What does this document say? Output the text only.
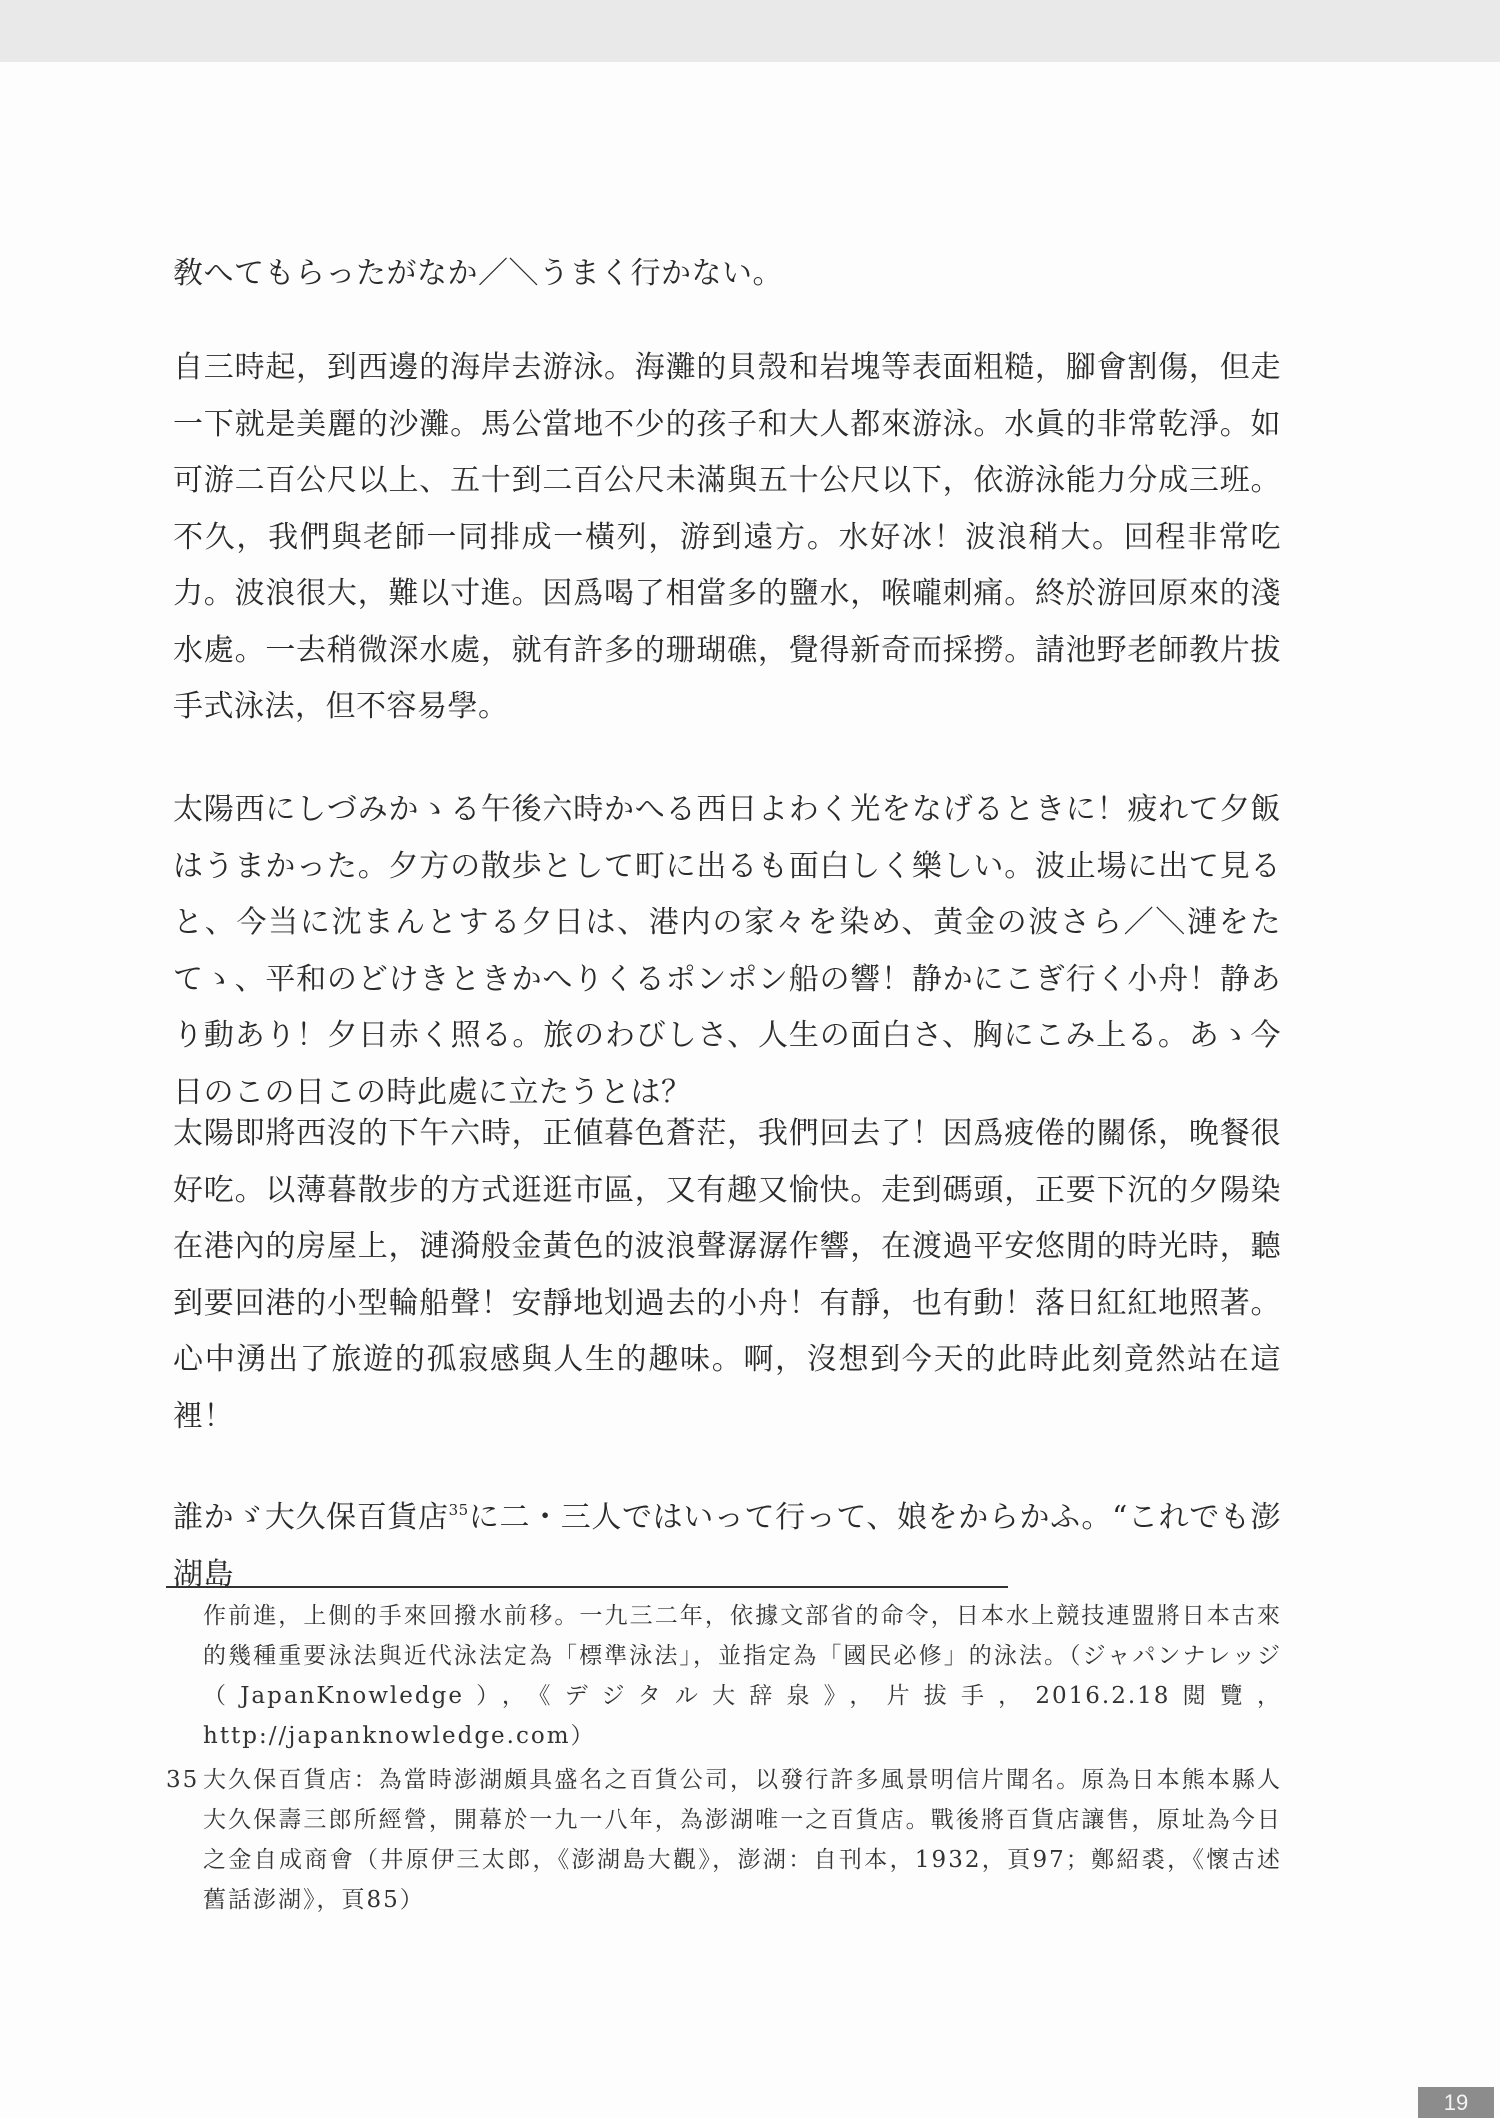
敎へてもらったがなか／＼うまく行かない。

自三時起，到西邊的海岸去游泳。海灘的貝殼和岩塊等表面粗糙，腳會割傷，但走一下就是美麗的沙灘。馬公當地不少的孩子和大人都來游泳。水眞的非常乾淨。如可游二百公尺以上、五十到二百公尺未滿與五十公尺以下，依游泳能力分成三班。不久，我們與老師一同排成一橫列，游到遠方。水好冰！波浪稍大。回程非常吃力。波浪很大，難以寸進。因爲喝了相當多的鹽水，喉嚨刺痛。終於游回原來的淺水處。一去稍微深水處，就有許多的珊瑚礁，覺得新奇而採撈。請池野老師教片拔手式泳法，但不容易學。

太陽西にしづみかゝる午後六時かへる西日よわく光をなげるときに！疲れて夕飯はうまかった。夕方の散歩として町に出るも面白しく樂しい。波止場に出て見ると、今当に沈まんとする夕日は、港内の家々を染め、黄金の波さら／＼漣をたてゝ、平和のどけきときかへりくるポンポン船の響！静かにこぎ行く小舟！静あり動あり！夕日赤く照る。旅のわびしさ、人生の面白さ、胸にこみ上る。あゝ今日のこの日この時此處に立たうとは？

太陽即將西沒的下午六時，正値暮色蒼茫，我們回去了！因爲疲倦的關係，晚餐很好吃。以薄暮散步的方式逛逛市區，又有趣又愉快。走到碼頭，正要下沉的夕陽染在港內的房屋上，漣漪般金黃色的波浪聲潺潺作響，在渡過平安悠閒的時光時，聽到要回港的小型輪船聲！安靜地划過去的小舟！有靜，也有動！落日紅紅地照著。心中湧出了旅遊的孤寂感與人生的趣味。啊，沒想到今天的此時此刻竟然站在這裡！

誰かゞ大久保百貨店$^{35}$に二・三人ではいって行って、娘をからかふ。“これでも澎湖島

作前進，上側的手來回撥水前移。一九三二年，依據文部省的命令，日本水上競技連盟將日本古來的幾種重要泳法與近代泳法定為「標準泳法」，並指定為「國民必修」的泳法。（ジャパンナレッジ（JapanKnowledge），《デジタル大辞泉》，片拔手，2016.2.18閲覽，http://japanknowledge.com）

35 大久保百貨店：為當時澎湖頗具盛名之百貨公司，以發行許多風景明信片聞名。原為日本熊本縣人大久保壽三郎所經營，開幕於一九一八年，為澎湖唯一之百貨店。戰後將百貨店讓售，原址為今日之金自成商會（井原伊三太郎，《澎湖島大觀》，澎湖：自刊本，1932，頁97；鄭紹裘，《懷古述舊話澎湖》，頁85）

19
